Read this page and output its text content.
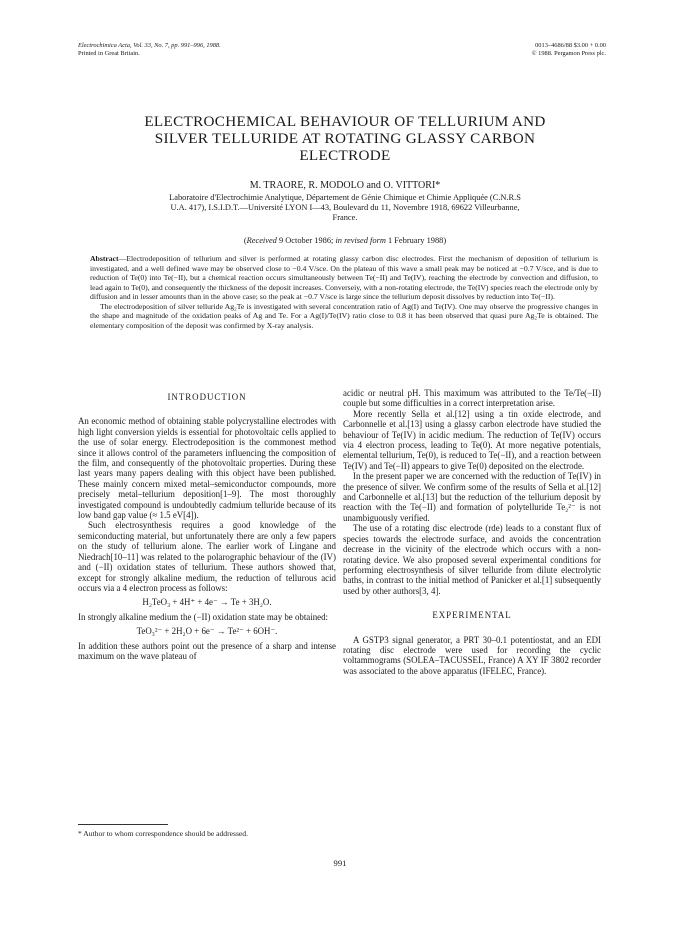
Electrochimica Acta, Vol. 33, No. 7, pp. 991–996, 1988.
Printed in Great Britain.
0013–4686/88 $3.00 + 0.00
© 1988. Pergamon Press plc.
ELECTROCHEMICAL BEHAVIOUR OF TELLURIUM AND
SILVER TELLURIDE AT ROTATING GLASSY CARBON
ELECTRODE
M. TRAORE, R. MODOLO and O. VITTORI*
Laboratoire d'Electrochimie Analytique, Département de Génie Chimique et Chimie Appliquée (C.N.R.S
U.A. 417), I.S.I.D.T.—Université LYON I—43, Boulevard du 11, Novembre 1918, 69622 Villeurbanne,
France.
(Received 9 October 1986; in revised form 1 February 1988)

Abstract—Electrodeposition of tellurium and silver is performed at rotating glassy carbon disc electrodes. First the mechanism of deposition of tellurium is investigated, and a well defined wave may be observed close to −0.4 V/sce. On the plateau of this wave a small peak may be noticed at −0.7 V/sce, and is due to reduction of Te(0) into Te(−II), but a chemical reaction occurs simultaneously between Te(−II) and Te(IV), reaching the electrode by convection and diffusion, to lead again to Te(0), and consequently the thickness of the deposit increases. Converseiy, with a non-rotating electrode, the Te(IV) species reach the electrode only by diffusion and in lesser amounts than in the above case; so the peak at −0.7 V/sce is large since the tellurium deposit dissolves by reduction into Te(−II).

The electrodeposition of silver telluride Ag₂Te is investigated with several concentration ratio of Ag(I) and Te(IV). One may observe the progressive changes in the shape and magnitude of the oxidation peaks of Ag and Te. For a Ag(I)/Te(IV) ratio close to 0.8 it has been observed that quasi pure Ag₂Te is obtained. The elementary composition of the deposit was confirmed by X-ray analysis.

INTRODUCTION

An economic method of obtaining stable polycrystalline electrodes with high light conversion yields is essential for photovoltaic cells applied to the use of solar energy. Electrodeposition is the commonest method since it allows control of the parameters influencing the composition of the film, and consequently of the photovoltaic properties. During these last years many papers dealing with this object have been published. These mainly concern mixed metal–semiconductor compounds, more precisely metal–tellurium deposition[1–9]. The most thoroughly investigated compound is undoubtedly cadmium telluride because of its low band gap value (≈ 1.5 eV[4]).

Such electrosynthesis requires a good knowledge of the semiconducting material, but unfortunately there are only a few papers on the study of tellurium alone. The earlier work of Lingane and Niedrach[10–11] was related to the polarographic behaviour of the (IV) and (−II) oxidation states of tellurium. These authors showed that, except for strongly alkaline medium, the reduction of tellurous acid occurs via a 4 electron process as follows:

H₂TeO₃ + 4H⁺ + 4e⁻ → Te + 3H₂O.

In strongly alkaline medium the (−II) oxidation state may be obtained:

TeO₃²⁻ + 2H₂O + 6e⁻ → Te²⁻ + 6OH⁻.

In addition these authors point out the presence of a sharp and intense maximum on the wave plateau of

acidic or neutral pH. This maximum was attributed to the Te/Te(−II) couple but some difficulties in a correct interpretation arise.

More recently Sella et al.[12] using a tin oxide electrode, and Carbonnelle et al.[13] using a glassy carbon electrode have studied the behaviour of Te(IV) in acidic medium. The reduction of Te(IV) occurs via 4 electron process, leading to Te(0). At more negative potentials, elemental tellurium, Te(0), is reduced to Te(−II), and a reaction between Te(IV) and Te(−II) appears to give Te(0) deposited on the electrode.

In the present paper we are concerned with the reduction of Te(IV) in the presence of silver. We confirm some of the results of Sella et al.[12] and Carbonnelle et al.[13] but the reduction of the tellurium deposit by reaction with the Te(−II) and formation of polytelluride Te₂²⁻ is not unambiguously verified.

The use of a rotating disc electrode (rde) leads to a constant flux of species towards the electrode surface, and avoids the concentration decrease in the vicinity of the electrode which occurs with a non-rotating device. We also proposed several experimental conditions for performing electrosynthesis of silver telluride from dilute electrolytic baths, in contrast to the initial method of Panicker et al.[1] subsequently used by other authors[3, 4].

EXPERIMENTAL

A GSTP3 signal generator, a PRT 30–0.1 potentiostat, and an EDI rotating disc electrode were used for recording the cyclic voltammograms (SOLEA–TACUSSEL, France) A XY IF 3802 recorder was associated to the above apparatus (IFELEC, France).

* Author to whom correspondence should be addressed.
991
